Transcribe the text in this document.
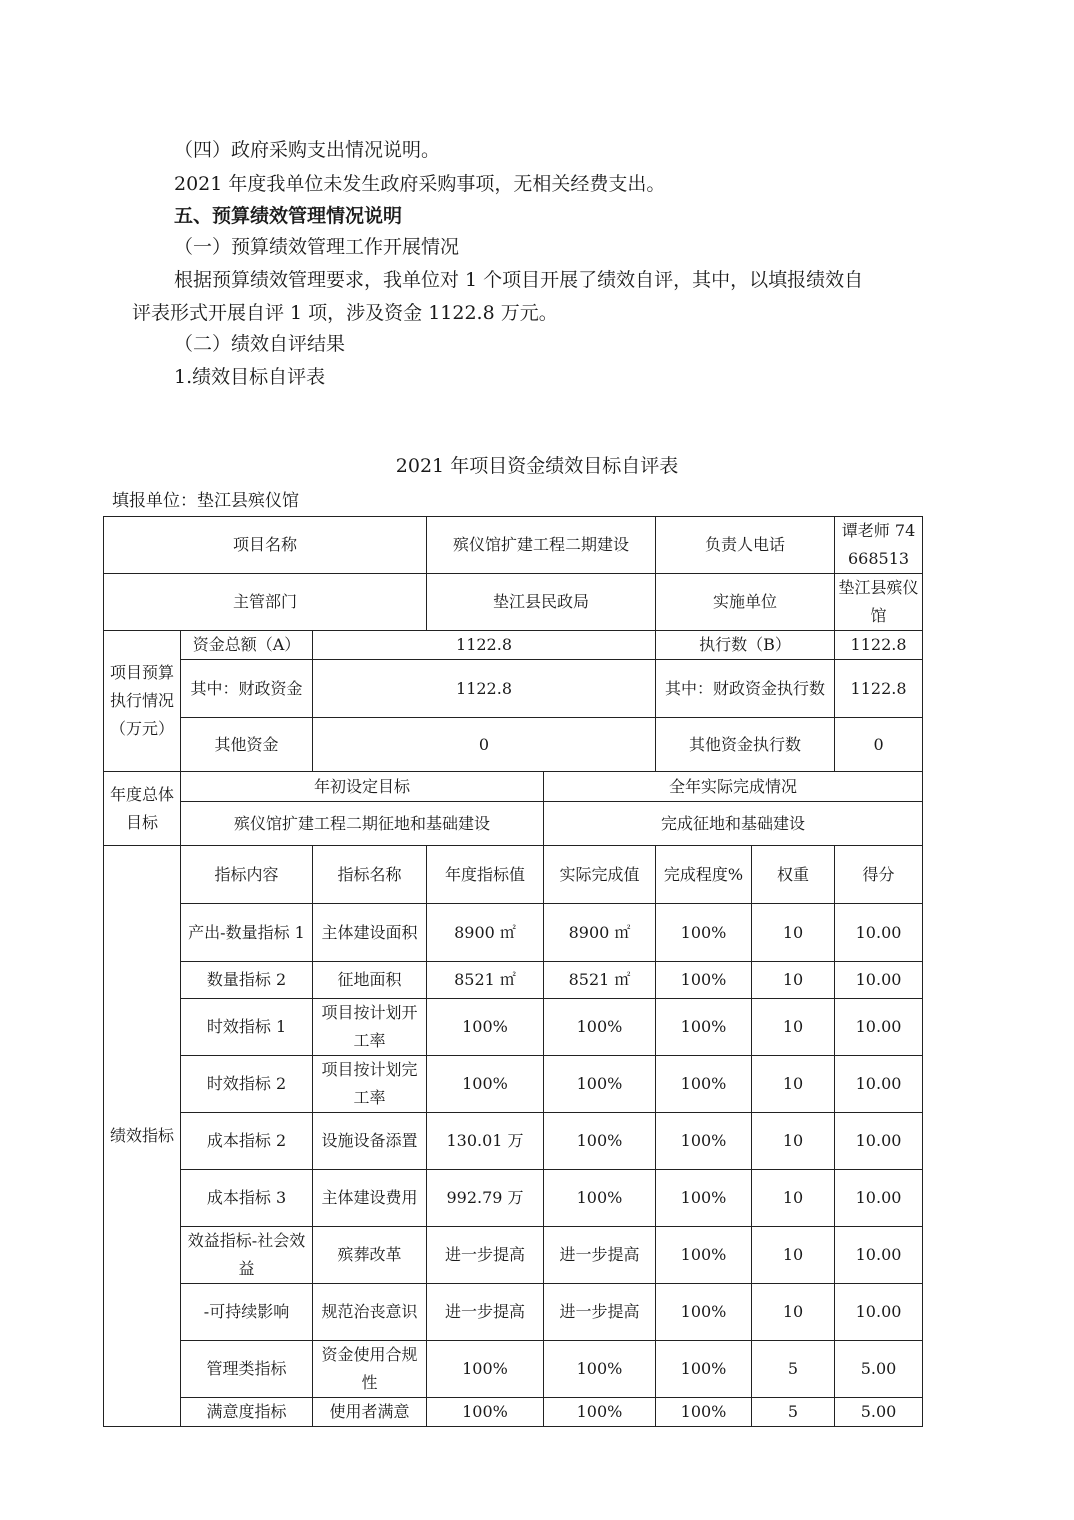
（四）政府采购支出情况说明。
2021 年度我单位未发生政府采购事项，无相关经费支出。
五、预算绩效管理情况说明
（一）预算绩效管理工作开展情况
根据预算绩效管理要求，我单位对 1 个项目开展了绩效自评，其中，以填报绩效自
评表形式开展自评 1 项，涉及资金 1122.8 万元。
（二）绩效自评结果
1.绩效目标自评表
2021 年项目资金绩效目标自评表
填报单位：垫江县殡仪馆
项目名称			殡仪馆扩建工程二期建设		负责人电话		谭老师 74668513
主管部门			垫江县民政局		实施单位		垫江县殡仪馆
项目预算执行情况（万元）	资金总额（A）	1122.8			执行数（B）		1122.8
	其中：财政资金	1122.8			其中：财政资金执行数		1122.8
	其他资金	0			其他资金执行数		0
年度总体目标	年初设定目标			全年实际完成情况			
	殡仪馆扩建工程二期征地和基础建设			完成征地和基础建设			
绩效指标	指标内容	指标名称	年度指标值	实际完成值	完成程度%	权重	得分
	产出-数量指标 1	主体建设面积	8900 ㎡	8900 ㎡	100%	10	10.00
	数量指标 2	征地面积	8521 ㎡	8521 ㎡	100%	10	10.00
	时效指标 1	项目按计划开工率	100%	100%	100%	10	10.00
	时效指标 2	项目按计划完工率	100%	100%	100%	10	10.00
	成本指标 2	设施设备添置	130.01 万	100%	100%	10	10.00
	成本指标 3	主体建设费用	992.79 万	100%	100%	10	10.00
	效益指标-社会效益	殡葬改革	进一步提高	进一步提高	100%	10	10.00
	-可持续影响	规范治丧意识	进一步提高	进一步提高	100%	10	10.00
	管理类指标	资金使用合规性	100%	100%	100%	5	5.00
	满意度指标	使用者满意	100%	100%	100%	5	5.00
